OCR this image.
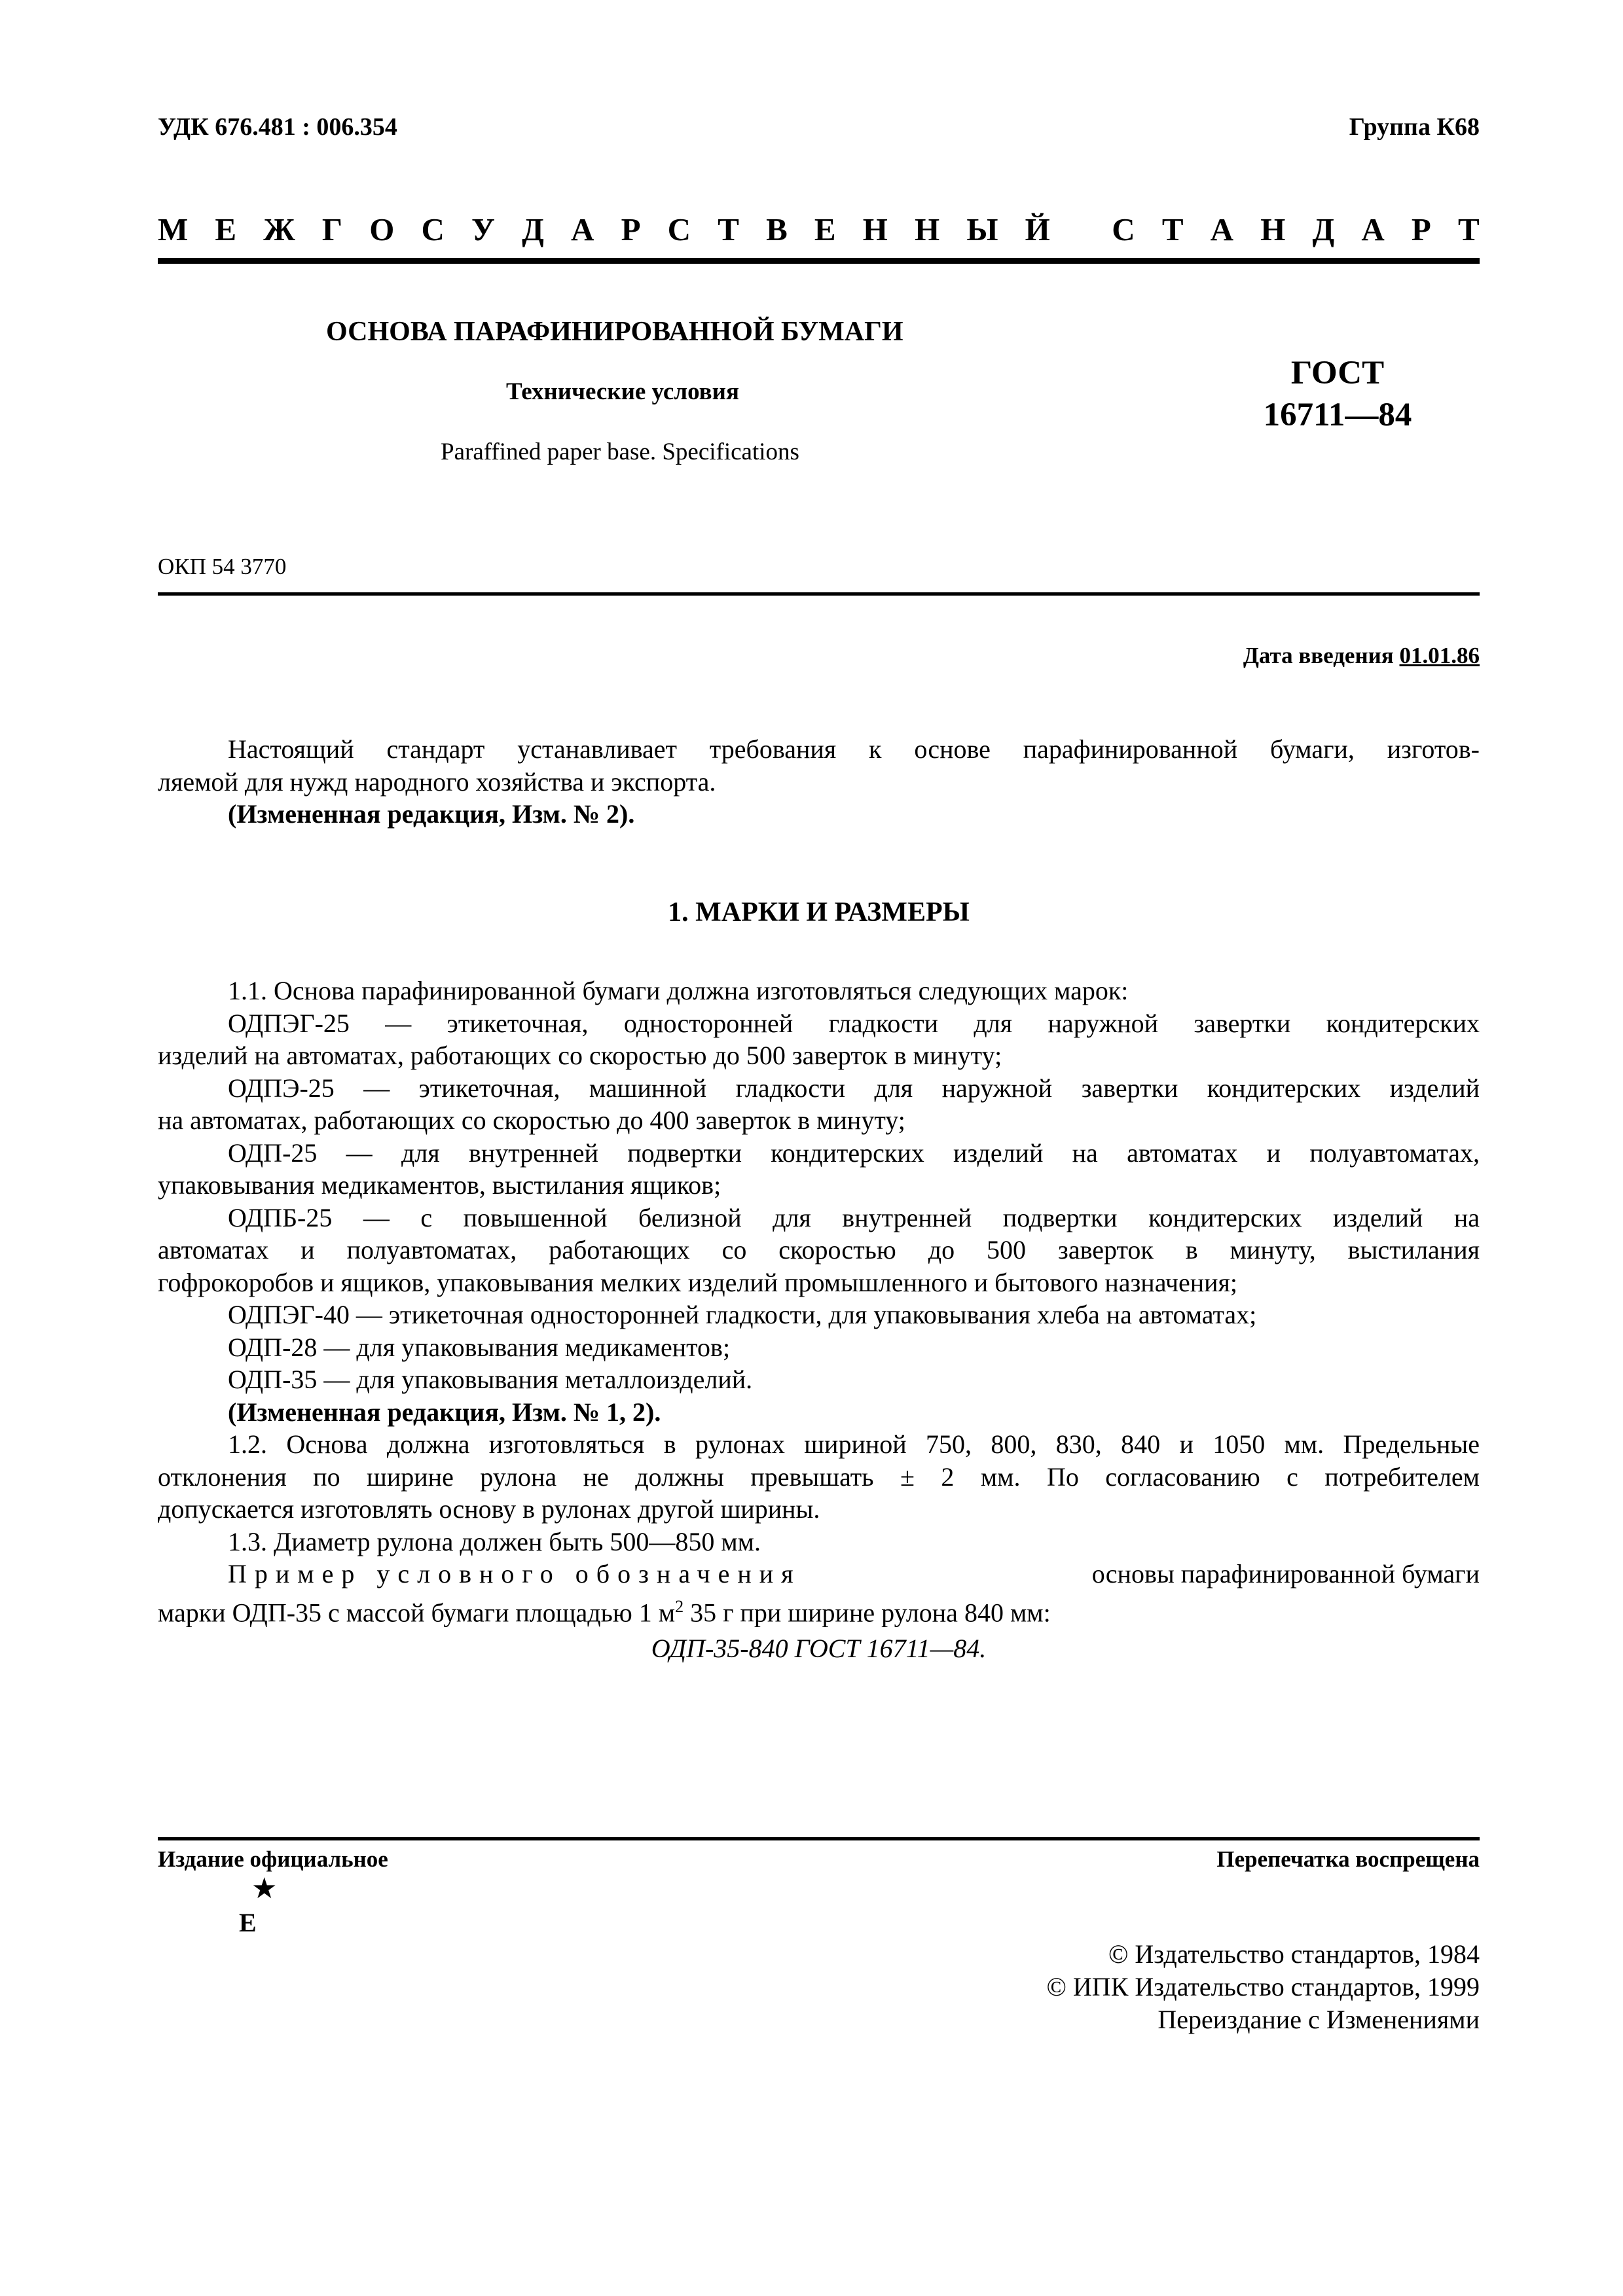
УДК 676.481 : 006.354	Группа К68
М Е Ж Г О С У Д А Р С Т В Е Н Н Ы Й
С Т А Н Д А Р Т
ОСНОВА ПАРАФИНИРОВАННОЙ БУМАГИ
Технические условия
Paraffined paper base. Specifications
ГОСТ
16711—84
ОКП 54 3770
Дата введения 01.01.86
Настоящий стандарт устанавливает требования к основе парафинированной бумаги, изготов-
ляемой для нужд народного хозяйства и экспорта.
(Измененная редакция, Изм. № 2).
1. МАРКИ И РАЗМЕРЫ
1.1. Основа парафинированной бумаги должна изготовляться следующих марок:
ОДПЭГ-25 — этикеточная, односторонней гладкости для наружной завертки кондитерских
изделий на автоматах, работающих со скоростью до 500 заверток в минуту;
ОДПЭ-25 — этикеточная, машинной гладкости для наружной завертки кондитерских изделий
на автоматах, работающих со скоростью до 400 заверток в минуту;
ОДП-25 — для внутренней подвертки кондитерских изделий на автоматах и полуавтоматах,
упаковывания медикаментов, выстилания ящиков;
ОДПБ-25 — с повышенной белизной для внутренней подвертки кондитерских изделий на
автоматах и полуавтоматах, работающих со скоростью до 500 заверток в минуту, выстилания
гофрокоробов и ящиков, упаковывания мелких изделий промышленного и бытового назначения;
ОДПЭГ-40 — этикеточная односторонней гладкости, для упаковывания хлеба на автоматах;
ОДП-28 — для упаковывания медикаментов;
ОДП-35 — для упаковывания металлоизделий.
(Измененная редакция, Изм. № 1, 2).
1.2. Основа должна изготовляться в рулонах шириной 750, 800, 830, 840 и 1050 мм. Предельные
отклонения по ширине рулона не должны превышать ± 2 мм. По согласованию с потребителем
допускается изготовлять основу в рулонах другой ширины.
1.3. Диаметр рулона должен быть 500—850 мм.
Пример условного обозначения	основы парафинированной бумаги
марки ОДП-35 с массой бумаги площадью 1 $м^2$ 35 г при ширине рулона 840 мм:
ОДП-35-840 ГОСТ 16711—84.
Издание официальное	Перепечатка воспрещена
★
Е
© Издательство стандартов, 1984
© ИПК Издательство стандартов, 1999
Переиздание с Изменениями
